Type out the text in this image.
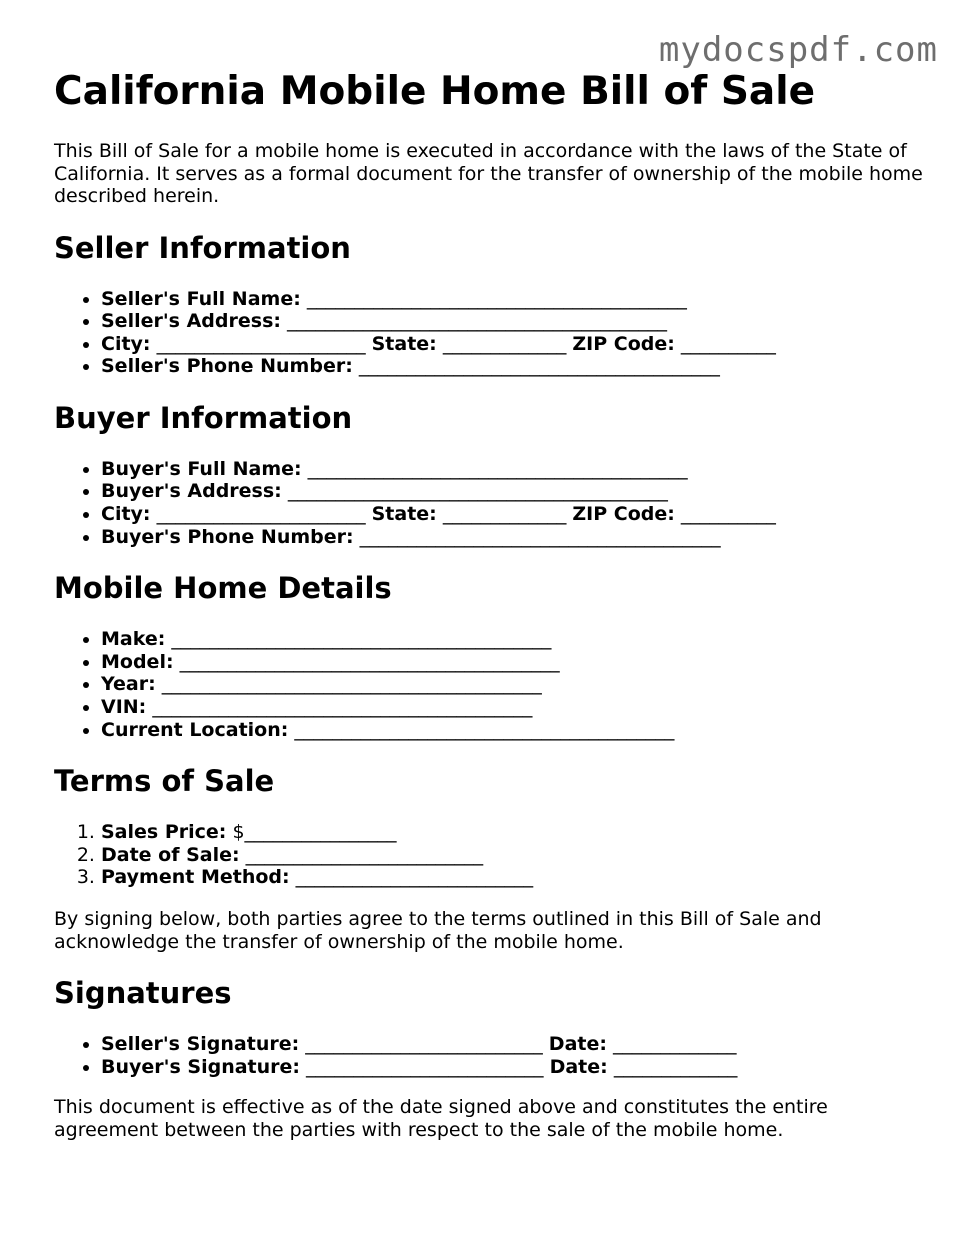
mydocspdf.com
California Mobile Home Bill of Sale

This Bill of Sale for a mobile home is executed in accordance with the laws of the State of California. It serves as a formal document for the transfer of ownership of the mobile home described herein.

Seller Information
• Seller's Full Name: ________________________________________
• Seller's Address: ________________________________________
• City: ______________________ State: _____________ ZIP Code: __________
• Seller's Phone Number: ______________________________________
Buyer Information
• Buyer's Full Name: ________________________________________
• Buyer's Address: ________________________________________
• City: ______________________ State: _____________ ZIP Code: __________
• Buyer's Phone Number: ______________________________________
Mobile Home Details
• Make: ________________________________________
• Model: ________________________________________
• Year: ________________________________________
• VIN: ________________________________________
• Current Location: ________________________________________
Terms of Sale
1. Sales Price: $________________
2. Date of Sale: _________________________
3. Payment Method: _________________________

By signing below, both parties agree to the terms outlined in this Bill of Sale and acknowledge the transfer of ownership of the mobile home.

Signatures
• Seller's Signature: _________________________ Date: _____________
• Buyer's Signature: _________________________ Date: _____________

This document is effective as of the date signed above and constitutes the entire agreement between the parties with respect to the sale of the mobile home.
